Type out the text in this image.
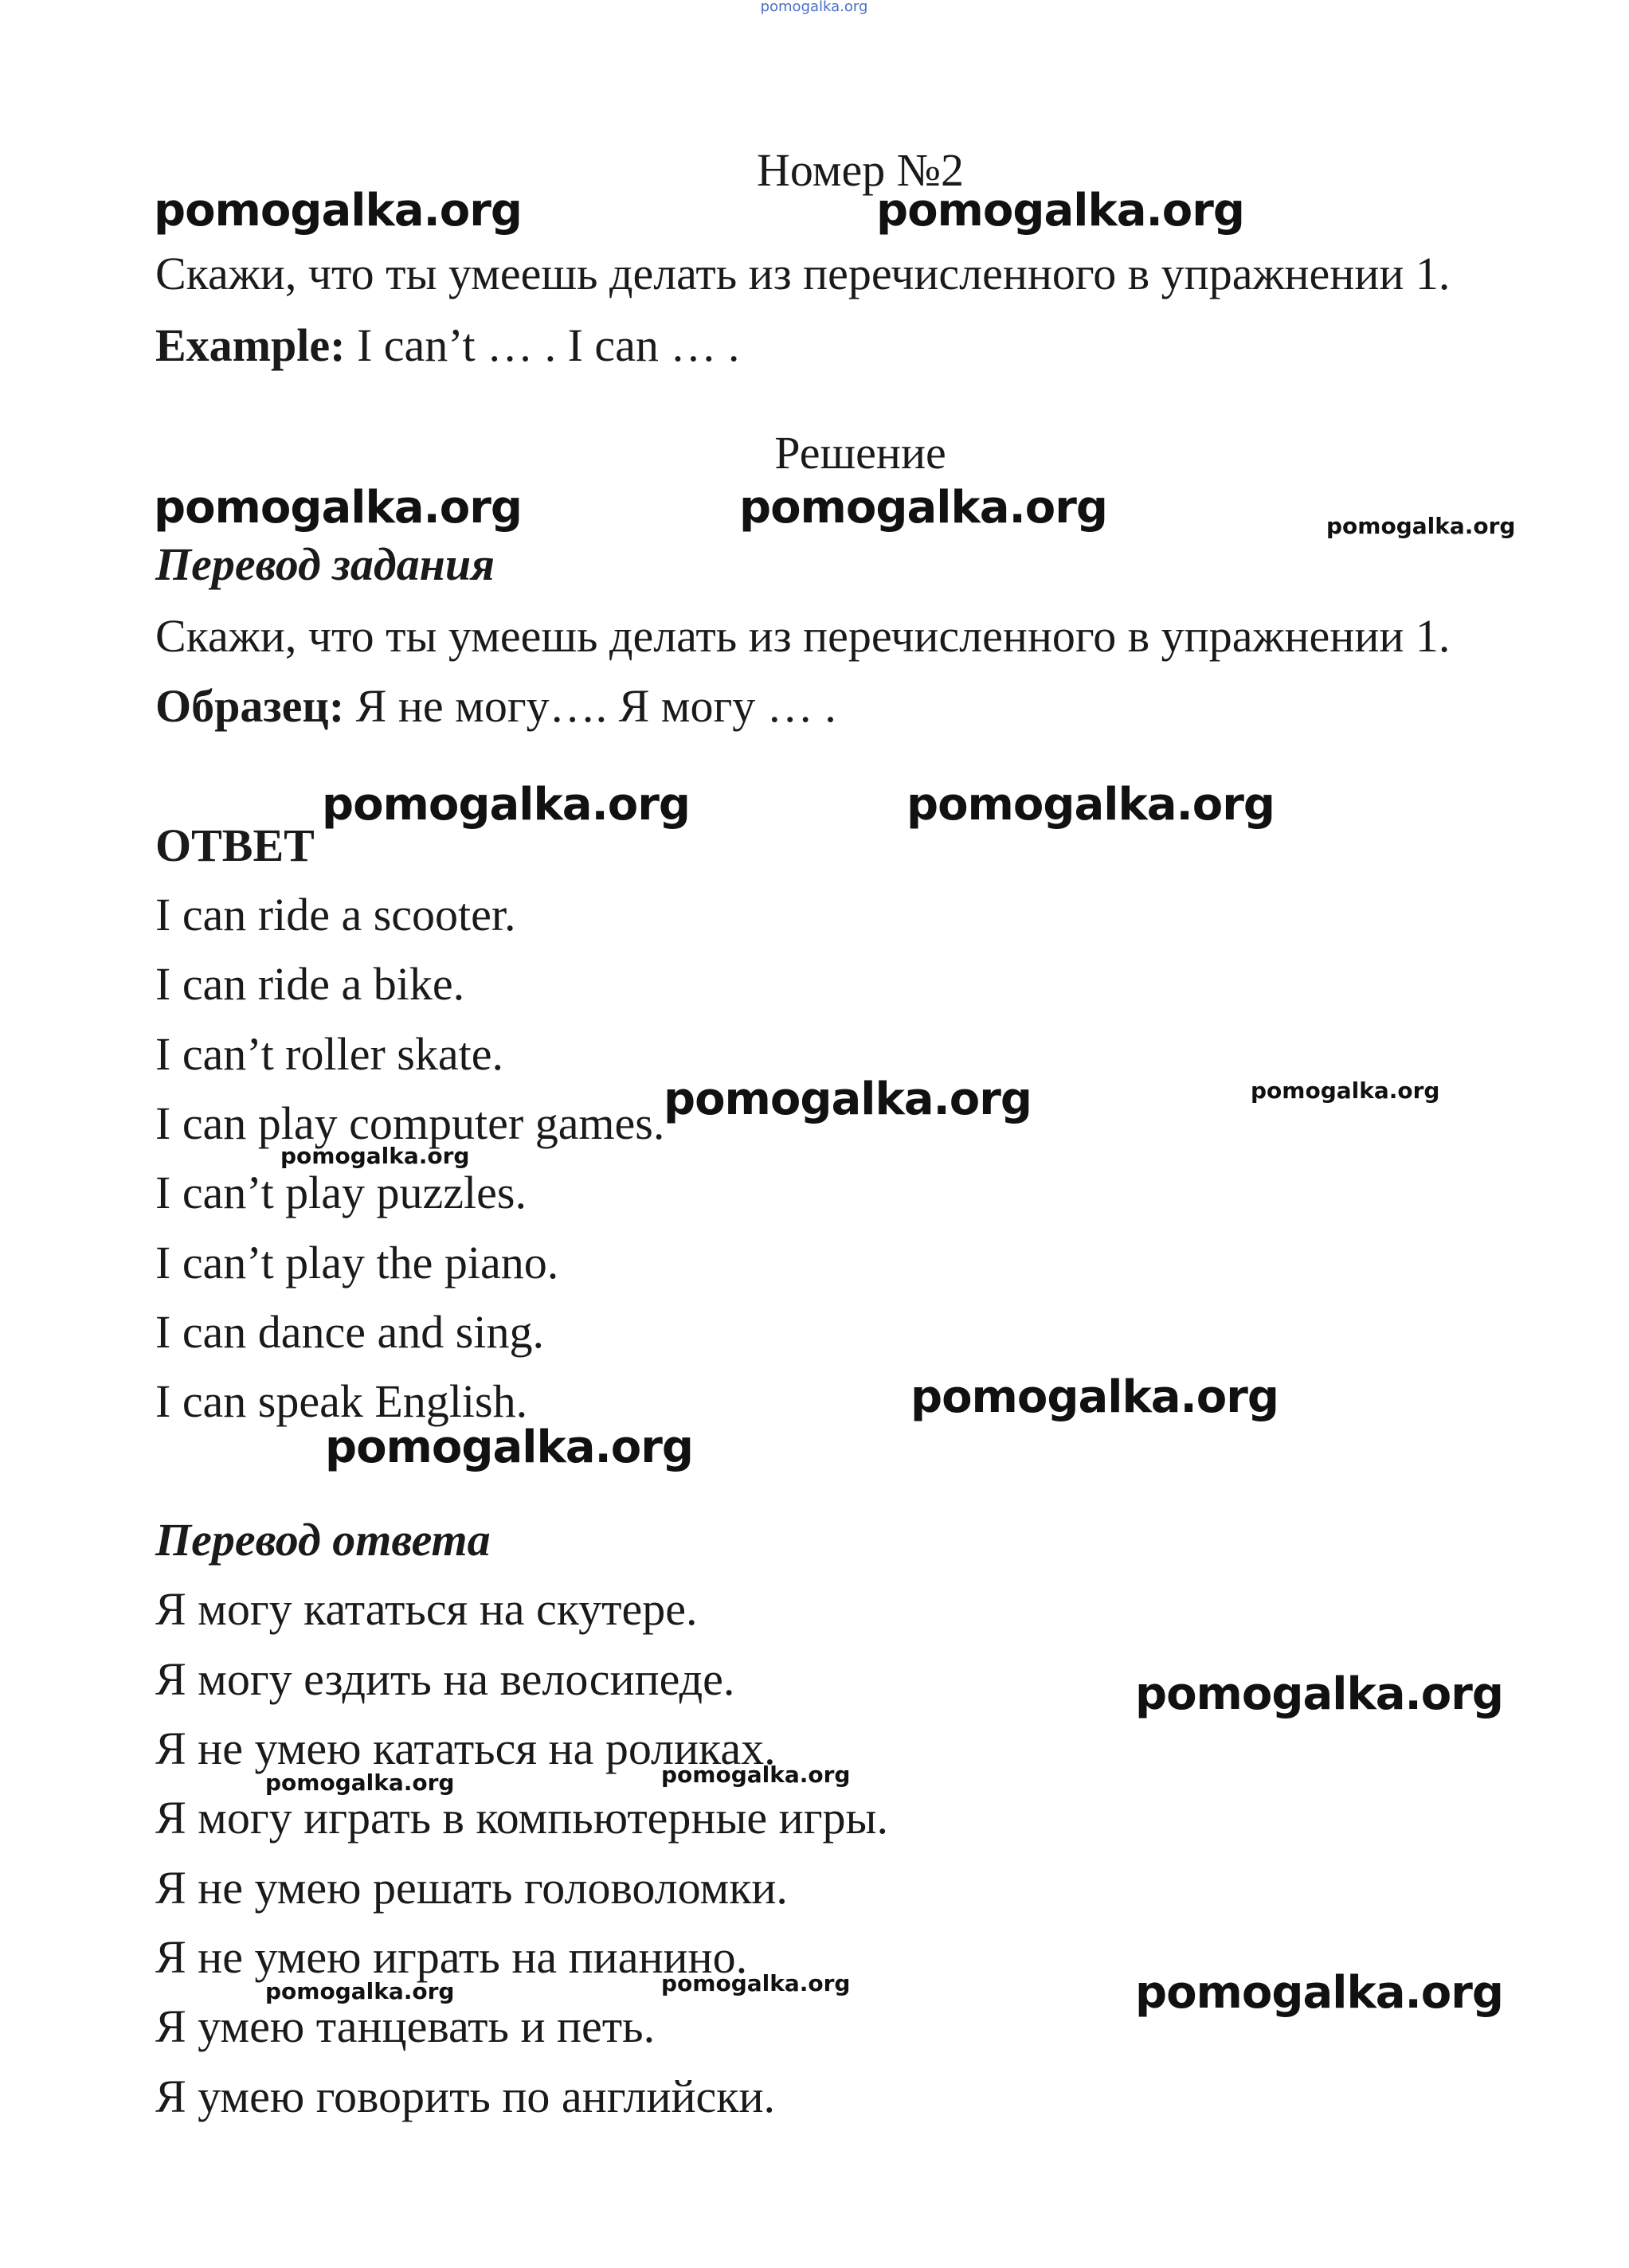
pomogalka.org
Номер №2
Скажи, что ты умеешь делать из перечисленного в упражнении 1.
Example: I can’t … . I can … .
Решение
Перевод задания
Скажи, что ты умеешь делать из перечисленного в упражнении 1.
Образец: Я не могу…. Я могу … .
ОТВЕТ
I can ride a scooter.
I can ride a bike.
I can’t roller skate.
I can play computer games.
I can’t play puzzles.
I can’t play the piano.
I can dance and sing.
I can speak English.
Перевод ответа
Я могу кататься на скутере.
Я могу ездить на велосипеде.
Я не умею кататься на роликах.
Я могу играть в компьютерные игры.
Я не умею решать головоломки.
Я не умею играть на пианино.
Я умею танцевать и петь.
Я умею говорить по английски.
pomogalka.org	pomogalka.org
pomogalka.org	pomogalka.org
pomogalka.org	pomogalka.org
pomogalka.org
pomogalka.org
pomogalka.org
pomogalka.org
pomogalka.org
pomogalka.org
pomogalka.org
pomogalka.org
pomogalka.org	pomogalka.org
pomogalka.org	pomogalka.org
